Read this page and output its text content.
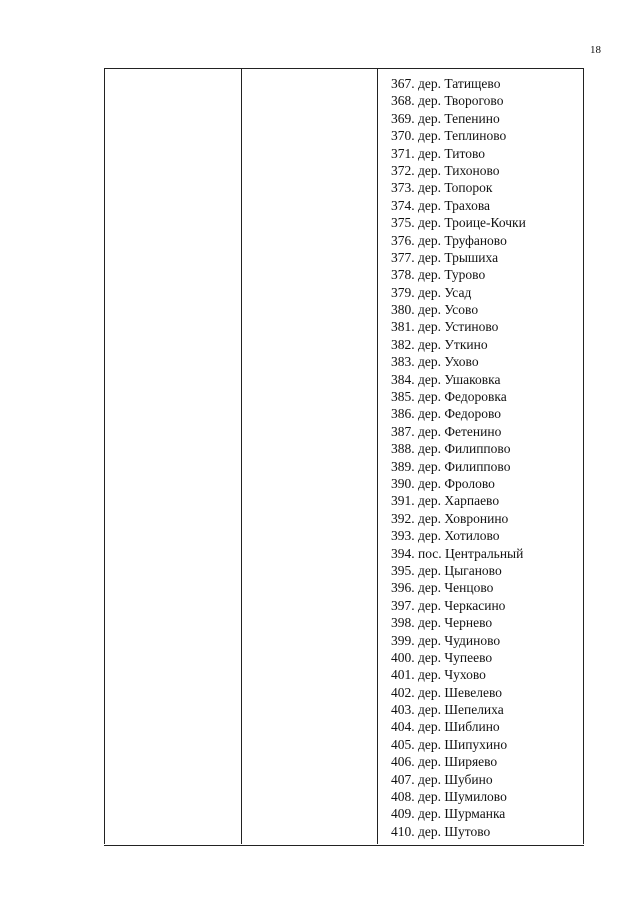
18
367. дер. Татищево
368. дер. Творогово
369. дер. Тепенино
370. дер. Теплиново
371. дер. Титово
372. дер. Тихоново
373. дер. Топорок
374. дер. Трахова
375. дер. Троице-Кочки
376. дер. Труфаново
377. дер. Трышиха
378. дер. Турово
379. дер. Усад
380. дер. Усово
381. дер. Устиново
382. дер. Уткино
383. дер. Ухово
384. дер. Ушаковка
385. дер. Федоровка
386. дер. Федорово
387. дер. Фетенино
388. дер. Филиппово
389. дер. Филиппово
390. дер. Фролово
391. дер. Харпаево
392. дер. Ховронино
393. дер. Хотилово
394. пос. Центральный
395. дер. Цыганово
396. дер. Ченцово
397. дер. Черкасино
398. дер. Чернево
399. дер. Чудиново
400. дер. Чупеево
401. дер. Чухово
402. дер. Шевелево
403. дер. Шепелиха
404. дер. Шиблино
405. дер. Шипухино
406. дер. Ширяево
407. дер. Шубино
408. дер. Шумилово
409. дер. Шурманка
410. дер. Шутово
